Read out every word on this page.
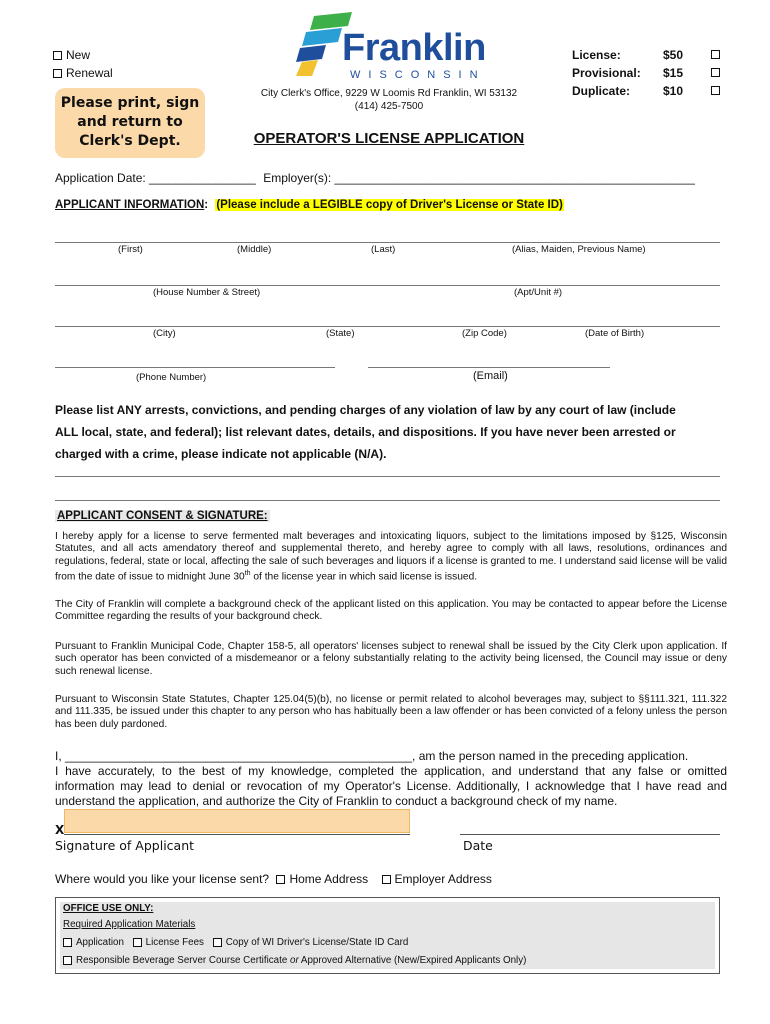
New
Renewal
Please print, sign
and return to
Clerk's Dept.
Franklin
WISCONSIN
City Clerk's Office, 9229 W Loomis Rd Franklin, WI 53132
(414) 425-7500
OPERATOR'S LICENSE APPLICATION
License:	$50
Provisional: $15
Duplicate:	$10
Application Date: ________________ Employer(s): ______________________________________________________
APPLICANT INFORMATION: (Please include a LEGIBLE copy of Driver's License or State ID)
(First)	(Middle)	(Last)	(Alias, Maiden, Previous Name)
(House Number & Street)	(Apt/Unit #)
(City)	(State)	(Zip Code)	(Date of Birth)
(Phone Number)	(Email)
Please list ANY arrests, convictions, and pending charges of any violation of law by any court of law (include
ALL local, state, and federal); list relevant dates, details, and dispositions. If you have never been arrested or
charged with a crime, please indicate not applicable (N/A).
APPLICANT CONSENT & SIGNATURE:
I hereby apply for a license to serve fermented malt beverages and intoxicating liquors, subject to the limitations imposed by §125, Wisconsin Statutes, and all acts amendatory thereof and supplemental thereto, and hereby agree to comply with all laws, resolutions, ordinances and regulations, federal, state or local, affecting the sale of such beverages and liquors if a license is granted to me. I understand said license will be valid from the date of issue to midnight June 30th of the license year in which said license is issued.
The City of Franklin will complete a background check of the applicant listed on this application. You may be contacted to appear before the License Committee regarding the results of your background check.
Pursuant to Franklin Municipal Code, Chapter 158-5, all operators' licenses subject to renewal shall be issued by the City Clerk upon application. If such operator has been convicted of a misdemeanor or a felony substantially relating to the activity being licensed, the Council may issue or deny such renewal license.
Pursuant to Wisconsin State Statutes, Chapter 125.04(5)(b), no license or permit related to alcohol beverages may, subject to §§111.321, 111.322 and 111.335, be issued under this chapter to any person who has habitually been a law offender or has been convicted of a felony unless the person has been duly pardoned.
I, ____________________________________________________, am the person named in the preceding application.
I have accurately, to the best of my knowledge, completed the application, and understand that any false or omitted information may lead to denial or revocation of my Operator's License. Additionally, I acknowledge that I have read and understand the application, and authorize the City of Franklin to conduct a background check of my name.
X
Signature of Applicant	Date
Where would you like your license sent? Home Address Employer Address
OFFICE USE ONLY:
Required Application Materials
Application License Fees Copy of WI Driver's License/State ID Card
Responsible Beverage Server Course Certificate or Approved Alternative (New/Expired Applicants Only)
